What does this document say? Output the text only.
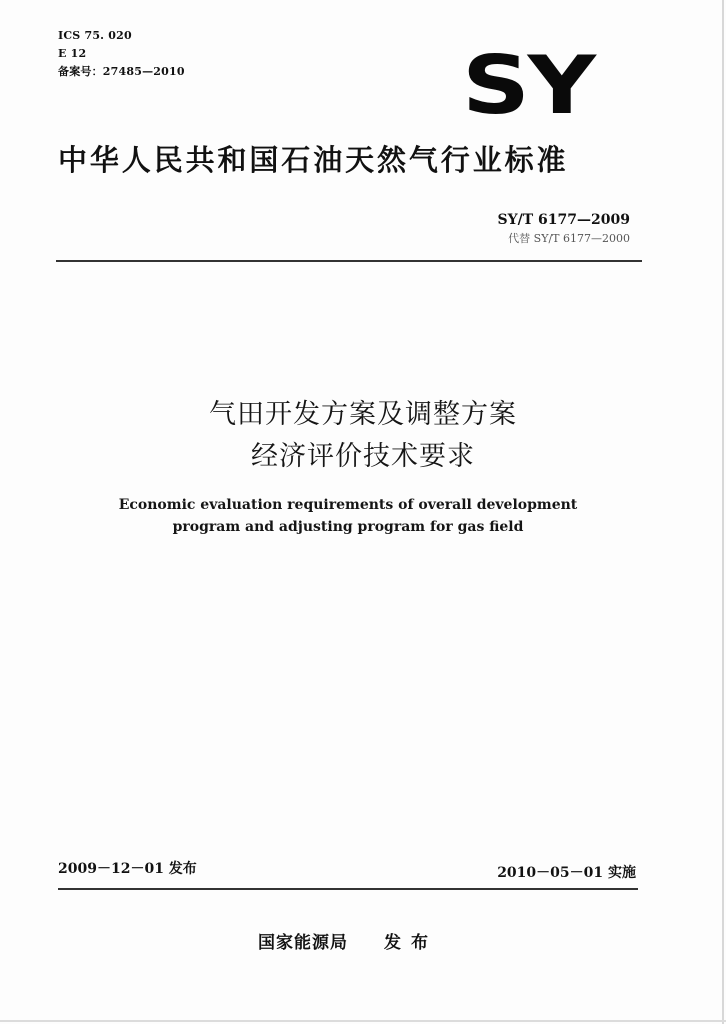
ICS 75. 020
E 12
备案号：27485—2010	SY
中华人民共和国石油天然气行业标准
SY/T 6177—2009
代替 SY/T 6177—2000
气田开发方案及调整方案
经济评价技术要求
Economic evaluation requirements of overall development
program and adjusting program for gas field
2009－12－01 发布	2010－05－01 实施
国家能源局 发布
